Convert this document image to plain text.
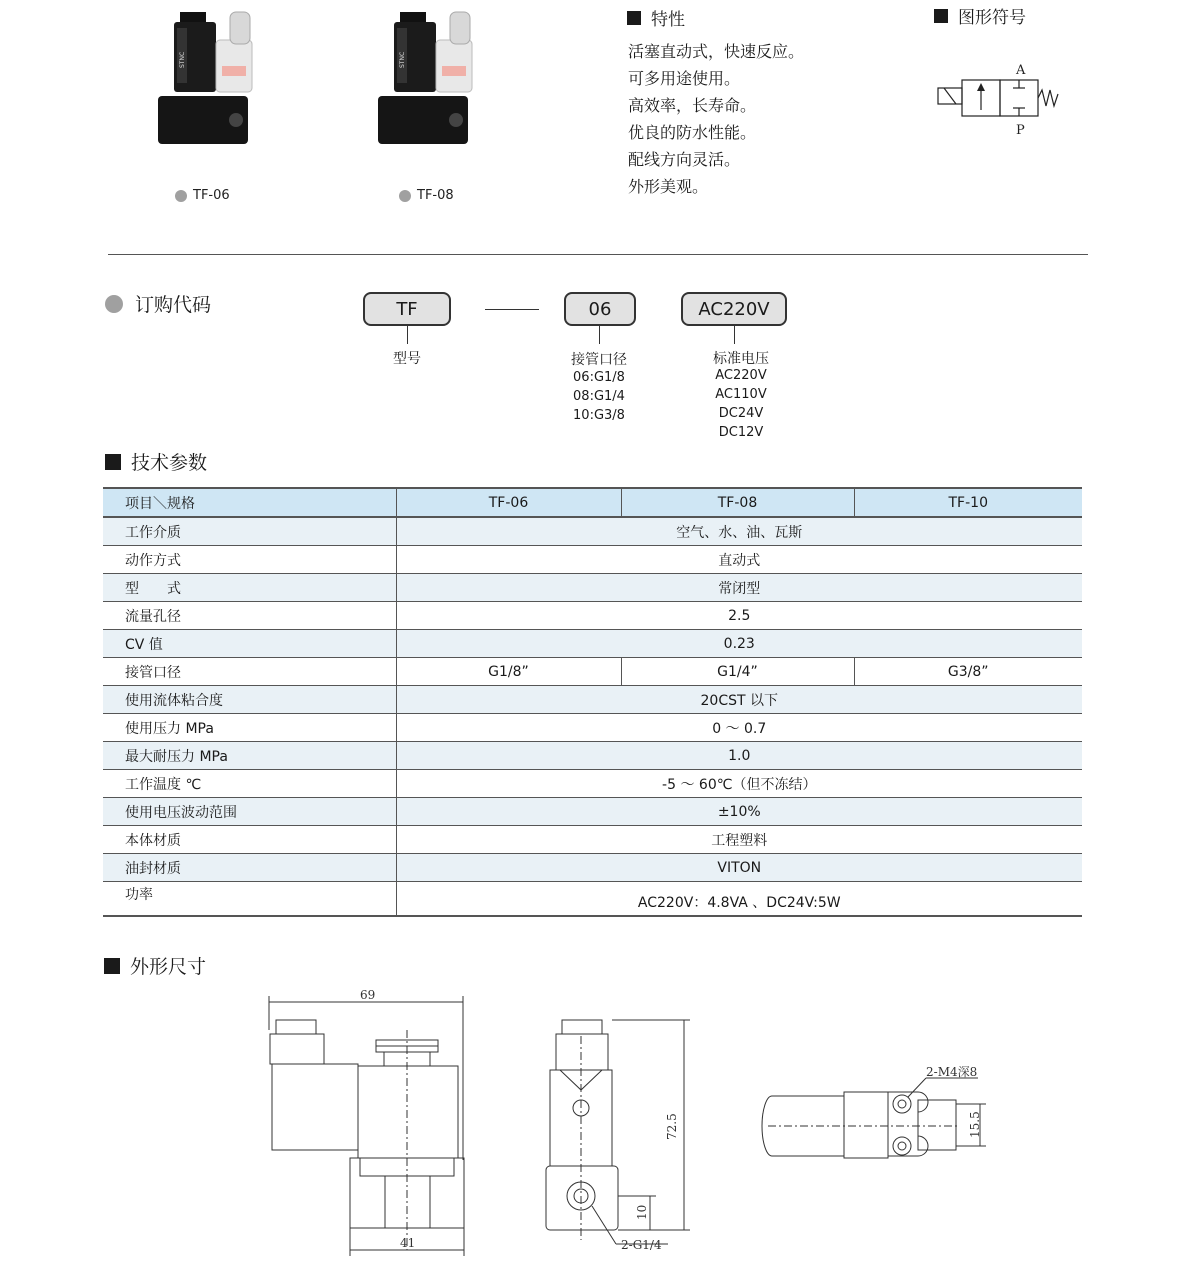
STNC
TF-06
STNC
TF-08
特性
活塞直动式，快速反应。
可多用途使用。
高效率，长寿命。
优良的防水性能。
配线方向灵活。
外形美观。
图形符号
A
P
订购代码	TF	06	AC220V
型号	接管口径
06:G1/8
08:G1/4
10:G3/8
标准电压
AC220V
AC110V
DC24V
DC12V
技术参数
项目＼规格	TF-06	TF-08	TF-10
工作介质	空气、水、油、瓦斯		
动作方式	直动式		
型　　式	常闭型		
流量孔径	2.5		
CV 值	0.23		
接管口径	G1/8”	G1/4”	G3/8”
使用流体粘合度	20CST 以下		
使用压力 MPa	0 ～ 0.7		
最大耐压力 MPa	1.0		
工作温度 ℃	-5 ～ 60℃（但不冻结）		
使用电压波动范围	±10%		
本体材质	工程塑料		
油封材质	VITON		
功率	AC220V：4.8VA 、DC24V:5W		
外形尺寸
69
41
72.5
10
2-G1/4
15.5
2-M4深8
